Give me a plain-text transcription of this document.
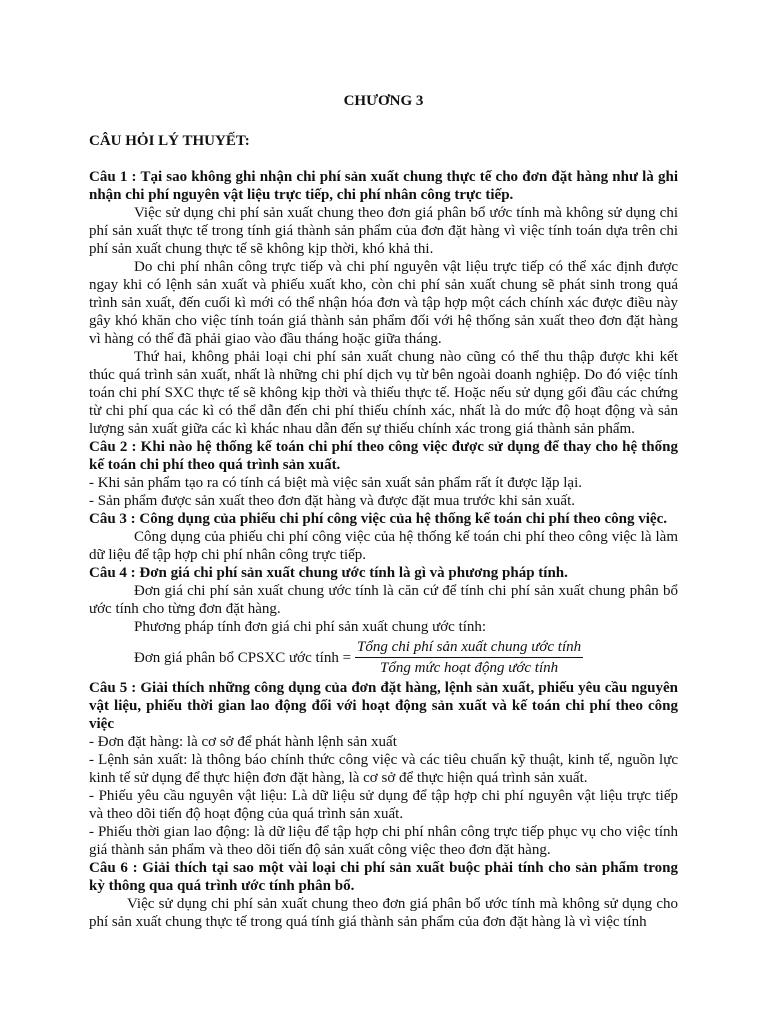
CHƯƠNG 3

CÂU HỎI LÝ THUYẾT:

Câu 1 : Tại sao không ghi nhận chi phí sản xuất chung thực tế cho đơn đặt hàng như là ghi nhận chi phí nguyên vật liệu trực tiếp, chi phí nhân công trực tiếp.

Việc sử dụng chi phí sản xuất chung theo đơn giá phân bổ ước tính mà không sử dụng chi phí sản xuất thực tế trong tính giá thành sản phẩm của đơn đặt hàng vì việc tính toán dựa trên chi phí sản xuất chung thực tế sẽ không kịp thời, khó khả thi.

Do chi phí nhân công trực tiếp và chi phí nguyên vật liệu trực tiếp có thể xác định được ngay khi có lệnh sản xuất và phiếu xuất kho, còn chi phí sản xuất chung sẽ phát sinh trong quá trình sản xuất, đến cuối kì mới có thể nhận hóa đơn và tập hợp một cách chính xác được điều này gây khó khăn cho việc tính toán giá thành sản phẩm đối với hệ thống sản xuất theo đơn đặt hàng vì hàng có thể đã phải giao vào đầu tháng hoặc giữa tháng.

Thứ hai, không phải loại chi phí sản xuất chung nào cũng có thể thu thập được khi kết thúc quá trình sản xuất, nhất là những chi phí dịch vụ từ bên ngoài doanh nghiệp. Do đó việc tính toán chi phí SXC thực tế sẽ không kịp thời và thiếu thực tế. Hoặc nếu sử dụng gối đầu các chứng từ chi phí qua các kì có thể dẫn đến chi phí thiếu chính xác, nhất là do mức độ hoạt động và sản lượng sản xuất giữa các kì khác nhau dẫn đến sự thiếu chính xác trong giá thành sản phẩm.

Câu 2 : Khi nào hệ thống kế toán chi phí theo công việc được sử dụng để thay cho hệ thống kế toán chi phí theo quá trình sản xuất.

- Khi sản phẩm tạo ra có tính cá biệt mà việc sản xuất sản phẩm rất ít được lặp lại.

- Sản phẩm được sản xuất theo đơn đặt hàng và được đặt mua trước khi sản xuất.

Câu 3 : Công dụng của phiếu chi phí công việc của hệ thống kế toán chi phí theo công việc.

Công dụng của phiếu chi phí công việc của hệ thống kế toán chi phí theo công việc là làm dữ liệu để tập hợp chi phí nhân công trực tiếp.

Câu 4 : Đơn giá chi phí sản xuất chung ước tính là gì và phương pháp tính.

Đơn giá chi phí sản xuất chung ước tính là căn cứ để tính chi phí sản xuất chung phân bổ ước tính cho từng đơn đặt hàng.

Phương pháp tính đơn giá chi phí sản xuất chung ước tính:

Đơn giá phân bổ CPSXC ước tính = $\frac{\text{Tổng chi phí sản xuất chung ước tính}}{\text{Tổng mức hoạt động ước tính}}$

Câu 5 : Giải thích những công dụng của đơn đặt hàng, lệnh sản xuất, phiếu yêu cầu nguyên vật liệu, phiếu thời gian lao động đối với hoạt động sản xuất và kế toán chi phí theo công việc

- Đơn đặt hàng: là cơ sở để phát hành lệnh sản xuất

- Lệnh sản xuất: là thông báo chính thức công việc và các tiêu chuẩn kỹ thuật, kinh tế, nguồn lực kinh tế sử dụng để thực hiện đơn đặt hàng, là cơ sở để thực hiện quá trình sản xuất.

- Phiếu yêu cầu nguyên vật liệu: Là dữ liệu sử dụng để tập hợp chi phí nguyên vật liệu trực tiếp và theo dõi tiến độ hoạt động của quá trình sản xuất.

- Phiếu thời gian lao động: là dữ liệu để tập hợp chi phí nhân công trực tiếp phục vụ cho việc tính giá thành sản phẩm và theo dõi tiến độ sản xuất công việc theo đơn đặt hàng.

Câu 6 : Giải thích tại sao một vài loại chi phí sản xuất buộc phải tính cho sản phẩm trong kỳ thông qua quá trình ước tính phân bổ.

Việc sử dụng chi phí sản xuất chung theo đơn giá phân bổ ước tính mà không sử dụng cho phí sản xuất chung thực tế trong quá tính giá thành sản phẩm của đơn đặt hàng là vì việc tính
